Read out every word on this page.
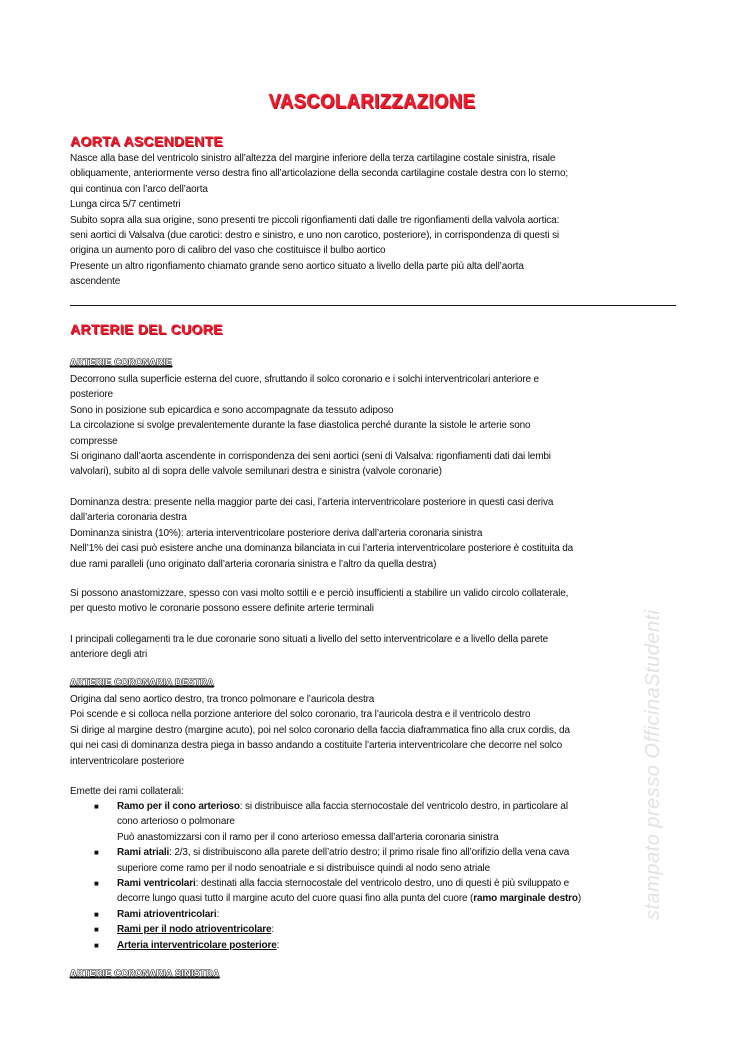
stampato presso OfficinaStudenti
VASCOLARIZZAZIONE
AORTA ASCENDENTE
Nasce alla base del ventricolo sinistro all’altezza del margine inferiore della terza cartilagine costale sinistra, risale
obliquamente, anteriormente verso destra fino all’articolazione della seconda cartilagine costale destra con lo sterno;
qui continua con l’arco dell’aorta
Lunga circa 5/7 centimetri
Subito sopra alla sua origine, sono presenti tre piccoli rigonfiamenti dati dalle tre rigonfiamenti della valvola aortica:
seni aortici di Valsalva (due carotici: destro e sinistro, e uno non carotico, posteriore), in corrispondenza di questi si
origina un aumento poro di calibro del vaso che costituisce il bulbo aortico
Presente un altro rigonfiamento chiamato grande seno aortico situato a livello della parte più alta dell’aorta
ascendente
ARTERIE DEL CUORE
ARTERIE CORONARIE
Decorrono sulla superficie esterna del cuore, sfruttando il solco coronario e i solchi interventricolari anteriore e
posteriore
Sono in posizione sub epicardica e sono accompagnate da tessuto adiposo
La circolazione si svolge prevalentemente durante la fase diastolica perché durante la sistole le arterie sono
compresse
Si originano dall’aorta ascendente in corrispondenza dei seni aortici (seni di Valsalva: rigonfiamenti dati dai lembi
valvolari), subito al di sopra delle valvole semilunari destra e sinistra (valvole coronarie)
Dominanza destra: presente nella maggior parte dei casi, l’arteria interventricolare posteriore in questi casi deriva
dall’arteria coronaria destra
Dominanza sinistra (10%): arteria interventricolare posteriore deriva dall’arteria coronaria sinistra
Nell’1% dei casi può esistere anche una dominanza bilanciata in cui l’arteria interventricolare posteriore è costituita da
due rami paralleli (uno originato dall’arteria coronaria sinistra e l’altro da quella destra)
Si possono anastomizzare, spesso con vasi molto sottili e e perciò insufficienti a stabilire un valido circolo collaterale,
per questo motivo le coronarie possono essere definite arterie terminali
I principali collegamenti tra le due coronarie sono situati a livello del setto interventricolare e a livello della parete
anteriore degli atri
ARTERIE CORONARIA DESTRA
Origina dal seno aortico destro, tra tronco polmonare e l’auricola destra
Poi scende e si colloca nella porzione anteriore del solco coronario, tra l’auricola destra e il ventricolo destro
Si dirige al margine destro (margine acuto), poi nel solco coronario della faccia diaframmatica fino alla crux cordis, da
qui nei casi di dominanza destra piega in basso andando a costituite l’arteria interventricolare che decorre nel solco
interventricolare posteriore
Emette dei rami collaterali:
■ Ramo per il cono arterioso: si distribuisce alla faccia sternocostale del ventricolo destro, in particolare al
cono arterioso o polmonare
Può anastomizzarsi con il ramo per il cono arterioso emessa dall’arteria coronaria sinistra
■ Rami atriali: 2/3, si distribuiscono alla parete dell’atrio destro; il primo risale fino all’orifizio della vena cava
superiore come ramo per il nodo senoatriale e si distribuisce quindi al nodo seno atriale
■ Rami ventricolari: destinati alla faccia sternocostale del ventricolo destro, uno di questi è più sviluppato e
decorre lungo quasi tutto il margine acuto del cuore quasi fino alla punta del cuore (ramo marginale destro)
■ Rami atrioventricolari:
■ Rami per il nodo atrioventricolare:
■ Arteria interventricolare posteriore:
ARTERIE CORONARIA SINISTRA
